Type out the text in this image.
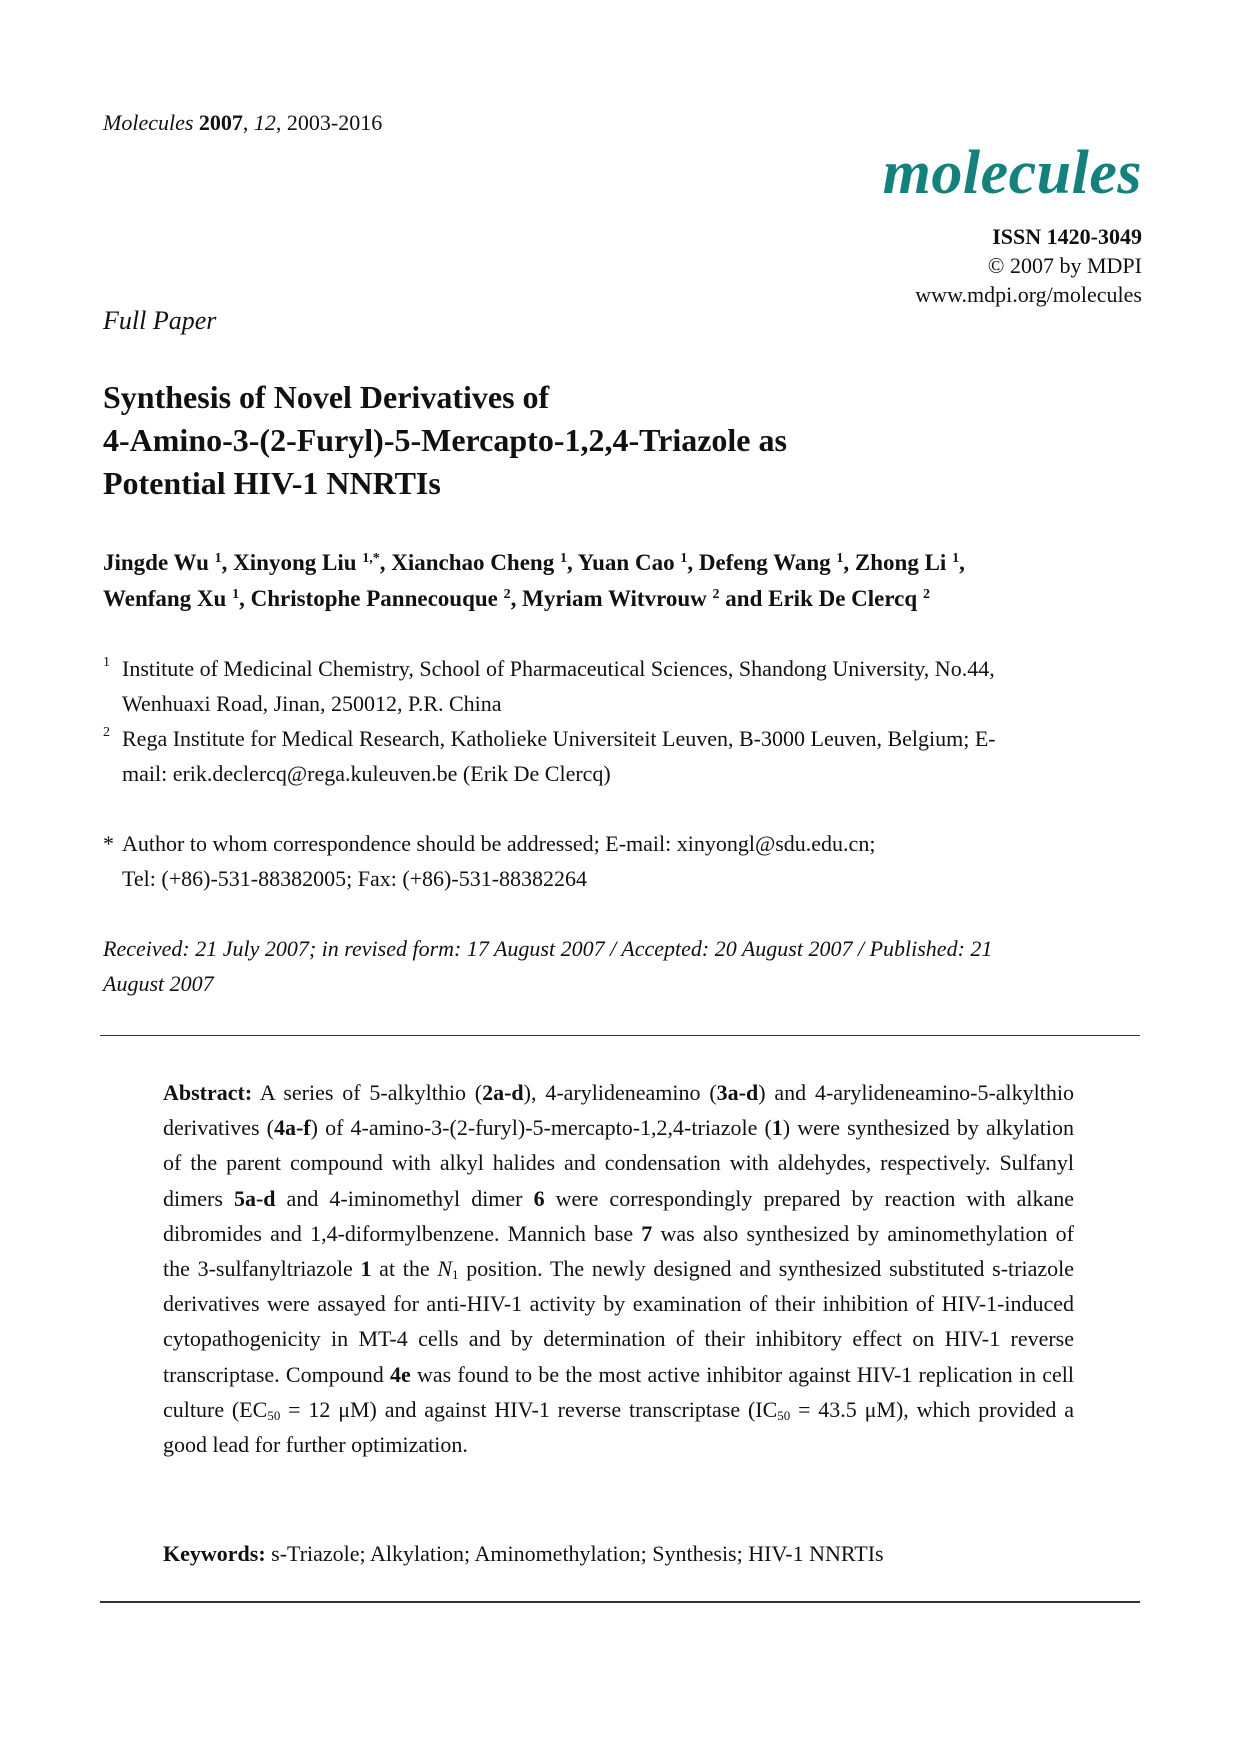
Molecules 2007, 12, 2003-2016
molecules
ISSN 1420-3049
© 2007 by MDPI
www.mdpi.org/molecules
Full Paper
Synthesis of Novel Derivatives of
4-Amino-3-(2-Furyl)-5-Mercapto-1,2,4-Triazole as
Potential HIV-1 NNRTIs
Jingde Wu $^1$, Xinyong Liu $^{1,*}$, Xianchao Cheng $^1$, Yuan Cao $^1$, Defeng Wang $^1$, Zhong Li $^1$,
Wenfang Xu $^1$, Christophe Pannecouque $^2$, Myriam Witvrouw $^2$ and Erik De Clercq $^2$
1 Institute of Medicinal Chemistry, School of Pharmaceutical Sciences, Shandong University, No.44,
Wenhuaxi Road, Jinan, 250012, P.R. China
2 Rega Institute for Medical Research, Katholieke Universiteit Leuven, B-3000 Leuven, Belgium; E-
mail: erik.declercq@rega.kuleuven.be (Erik De Clercq)
* Author to whom correspondence should be addressed; E-mail: xinyongl@sdu.edu.cn;
Tel: (+86)-531-88382005; Fax: (+86)-531-88382264
Received: 21 July 2007; in revised form: 17 August 2007 / Accepted: 20 August 2007 / Published: 21
August 2007
Abstract: A series of 5-alkylthio (2a-d), 4-arylideneamino (3a-d) and 4-arylideneamino-5-alkylthio derivatives (4a-f) of 4-amino-3-(2-furyl)-5-mercapto-1,2,4-triazole (1) were synthesized by alkylation of the parent compound with alkyl halides and condensation with aldehydes, respectively. Sulfanyl dimers 5a-d and 4-iminomethyl dimer 6 were correspondingly prepared by reaction with alkane dibromides and 1,4-diformylbenzene. Mannich base 7 was also synthesized by aminomethylation of the 3-sulfanyltriazole 1 at the $N_1$ position. The newly designed and synthesized substituted s-triazole derivatives were assayed for anti-HIV-1 activity by examination of their inhibition of HIV-1-induced cytopathogenicity in MT-4 cells and by determination of their inhibitory effect on HIV-1 reverse transcriptase. Compound 4e was found to be the most active inhibitor against HIV-1 replication in cell culture ($EC_{50} = 12$ μM) and against HIV-1 reverse transcriptase ($IC_{50} = 43.5$ μM), which provided a good lead for further optimization.
Keywords: s-Triazole; Alkylation; Aminomethylation; Synthesis; HIV-1 NNRTIs
